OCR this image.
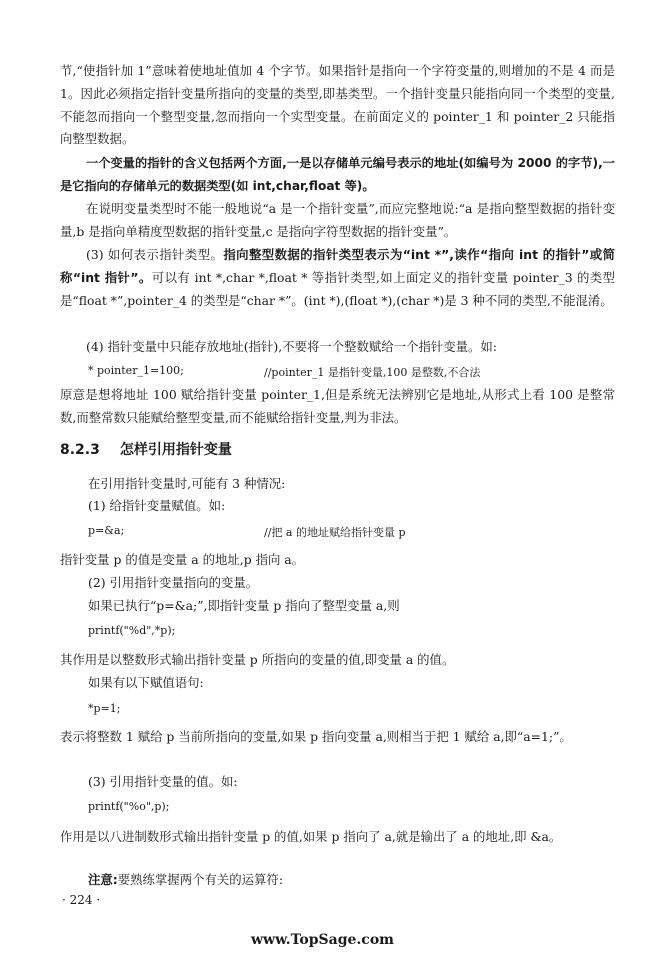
节,“使指针加 1”意味着使地址值加 4 个字节。如果指针是指向一个字符变量的,则增加的不是 4 而是 1。因此必须指定指针变量所指向的变量的类型,即基类型。一个指针变量只能指向同一个类型的变量,不能忽而指向一个整型变量,忽而指向一个实型变量。在前面定义的 pointer_1 和 pointer_2 只能指向整型数据。

一个变量的指针的含义包括两个方面,一是以存储单元编号表示的地址(如编号为 2000 的字节),一是它指向的存储单元的数据类型(如 int,char,float 等)。

在说明变量类型时不能一般地说“a 是一个指针变量”,而应完整地说:“a 是指向整型数据的指针变量,b 是指向单精度型数据的指针变量,c 是指向字符型数据的指针变量”。

(3) 如何表示指针类型。指向整型数据的指针类型表示为“int *”,读作“指向 int 的指针”或简称“int 指针”。可以有 int *,char *,float * 等指针类型,如上面定义的指针变量 pointer_3 的类型是“float *”,pointer_4 的类型是“char *”。(int *),(float *),(char *)是 3 种不同的类型,不能混淆。

(4) 指针变量中只能存放地址(指针),不要将一个整数赋给一个指针变量。如:

* pointer_1=100;	//pointer_1 是指针变量,100 是整数,不合法

原意是想将地址 100 赋给指针变量 pointer_1,但是系统无法辨别它是地址,从形式上看 100 是整常数,而整常数只能赋给整型变量,而不能赋给指针变量,判为非法。

8.2.3 怎样引用指针变量
在引用指针变量时,可能有 3 种情况:
(1) 给指针变量赋值。如:
p=&a;	//把 a 的地址赋给指针变量 p
指针变量 p 的值是变量 a 的地址,p 指向 a。
(2) 引用指针变量指向的变量。
如果已执行“p=&a;”,即指针变量 p 指向了整型变量 a,则
printf("%d",*p);
其作用是以整数形式输出指针变量 p 所指向的变量的值,即变量 a 的值。
如果有以下赋值语句:
*p=1;

表示将整数 1 赋给 p 当前所指向的变量,如果 p 指向变量 a,则相当于把 1 赋给 a,即“a=1;”。

(3) 引用指针变量的值。如:
printf("%o",p);

作用是以八进制数形式输出指针变量 p 的值,如果 p 指向了 a,就是输出了 a 的地址,即 &a。

注意:要熟练掌握两个有关的运算符:
· 224 ·
www.TopSage.com
